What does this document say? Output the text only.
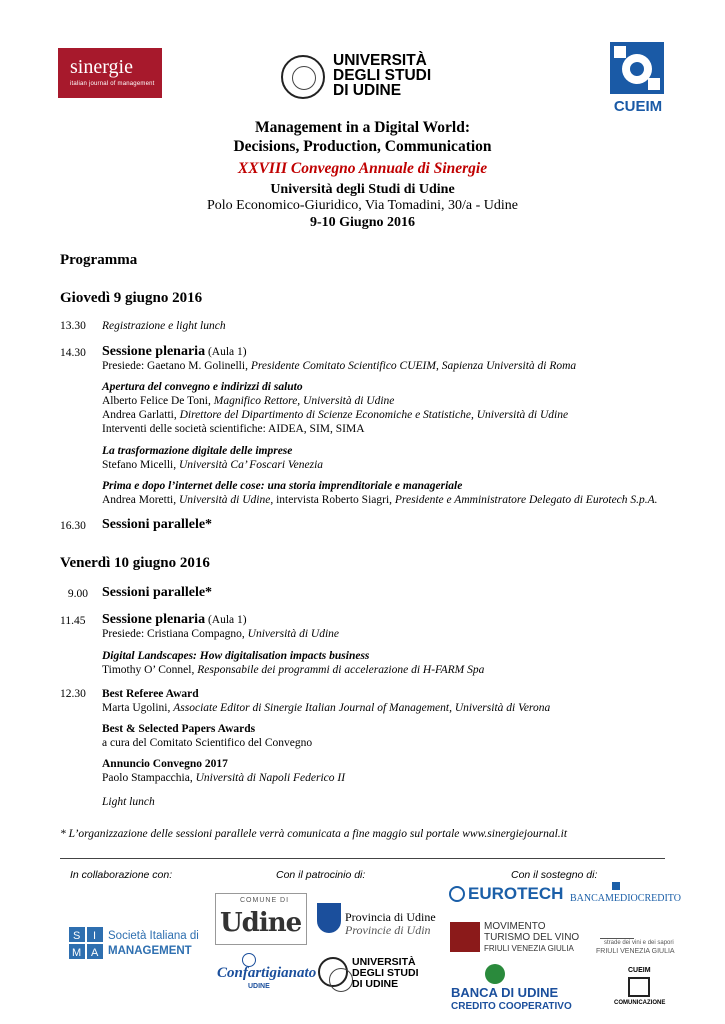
sinergie
italian journal of management
UNIVERSITÀ
DEGLI STUDI
DI UDINE
CUEIM
Management in a Digital World:
Decisions, Production, Communication
XXVIII Convegno Annuale di Sinergie
Università degli Studi di Udine
Polo Economico-Giuridico, Via Tomadini, 30/a - Udine
9-10 Giugno 2016
Programma
Giovedì 9 giugno 2016
13.30	Registrazione e light lunch
14.30	Sessione plenaria (Aula 1)
Presiede: Gaetano M. Golinelli, Presidente Comitato Scientifico CUEIM, Sapienza Università di Roma
Apertura del convegno e indirizzi di saluto
Alberto Felice De Toni, Magnifico Rettore, Università di Udine
Andrea Garlatti, Direttore del Dipartimento di Scienze Economiche e Statistiche, Università di Udine
Interventi delle società scientifiche: AIDEA, SIM, SIMA
La trasformazione digitale delle imprese
Stefano Micelli, Università Ca’ Foscari Venezia
Prima e dopo l’internet delle cose: una storia imprenditoriale e manageriale
Andrea Moretti, Università di Udine, intervista Roberto Siagri, Presidente e Amministratore Delegato di Eurotech S.p.A.
16.30	Sessioni parallele*
Venerdì 10 giugno 2016
9.00 Sessioni parallele*
11.45	Sessione plenaria (Aula 1)
Presiede: Cristiana Compagno, Università di Udine
Digital Landscapes: How digitalisation impacts business
Timothy O’ Connel, Responsabile dei programmi di accelerazione di H-FARM Spa
12.30	Best Referee Award
Marta Ugolini, Associate Editor di Sinergie Italian Journal of Management, Università di Verona
Best & Selected Papers Awards
a cura del Comitato Scientifico del Convegno
Annuncio Convegno 2017
Paolo Stampacchia, Università di Napoli Federico II
Light lunch
* L’organizzazione delle sessioni parallele verrà comunicata a fine maggio sul portale www.sinergiejournal.it
In collaborazione con:	Con il patrocinio di:	Con il sostegno di:
S I
M A
Società Italiana di
MANAGEMENT
COMUNE DI
Udine	Provincia di Udine
Provincie di Udin
Confartigianato
UDINE
UNIVERSITÀ
DEGLI STUDI
DI UDINE
EUROTECH BANCAMEDIOCREDITO
MOVIMENTO
TURISMO DEL VINO
FRIULI VENEZIA GIULIA
strade dei vini e dei sapori
FRIULI VENEZIA GIULIA
BANCA DI UDINE
CREDITO COOPERATIVO
CUEIM
COMUNICAZIONE
